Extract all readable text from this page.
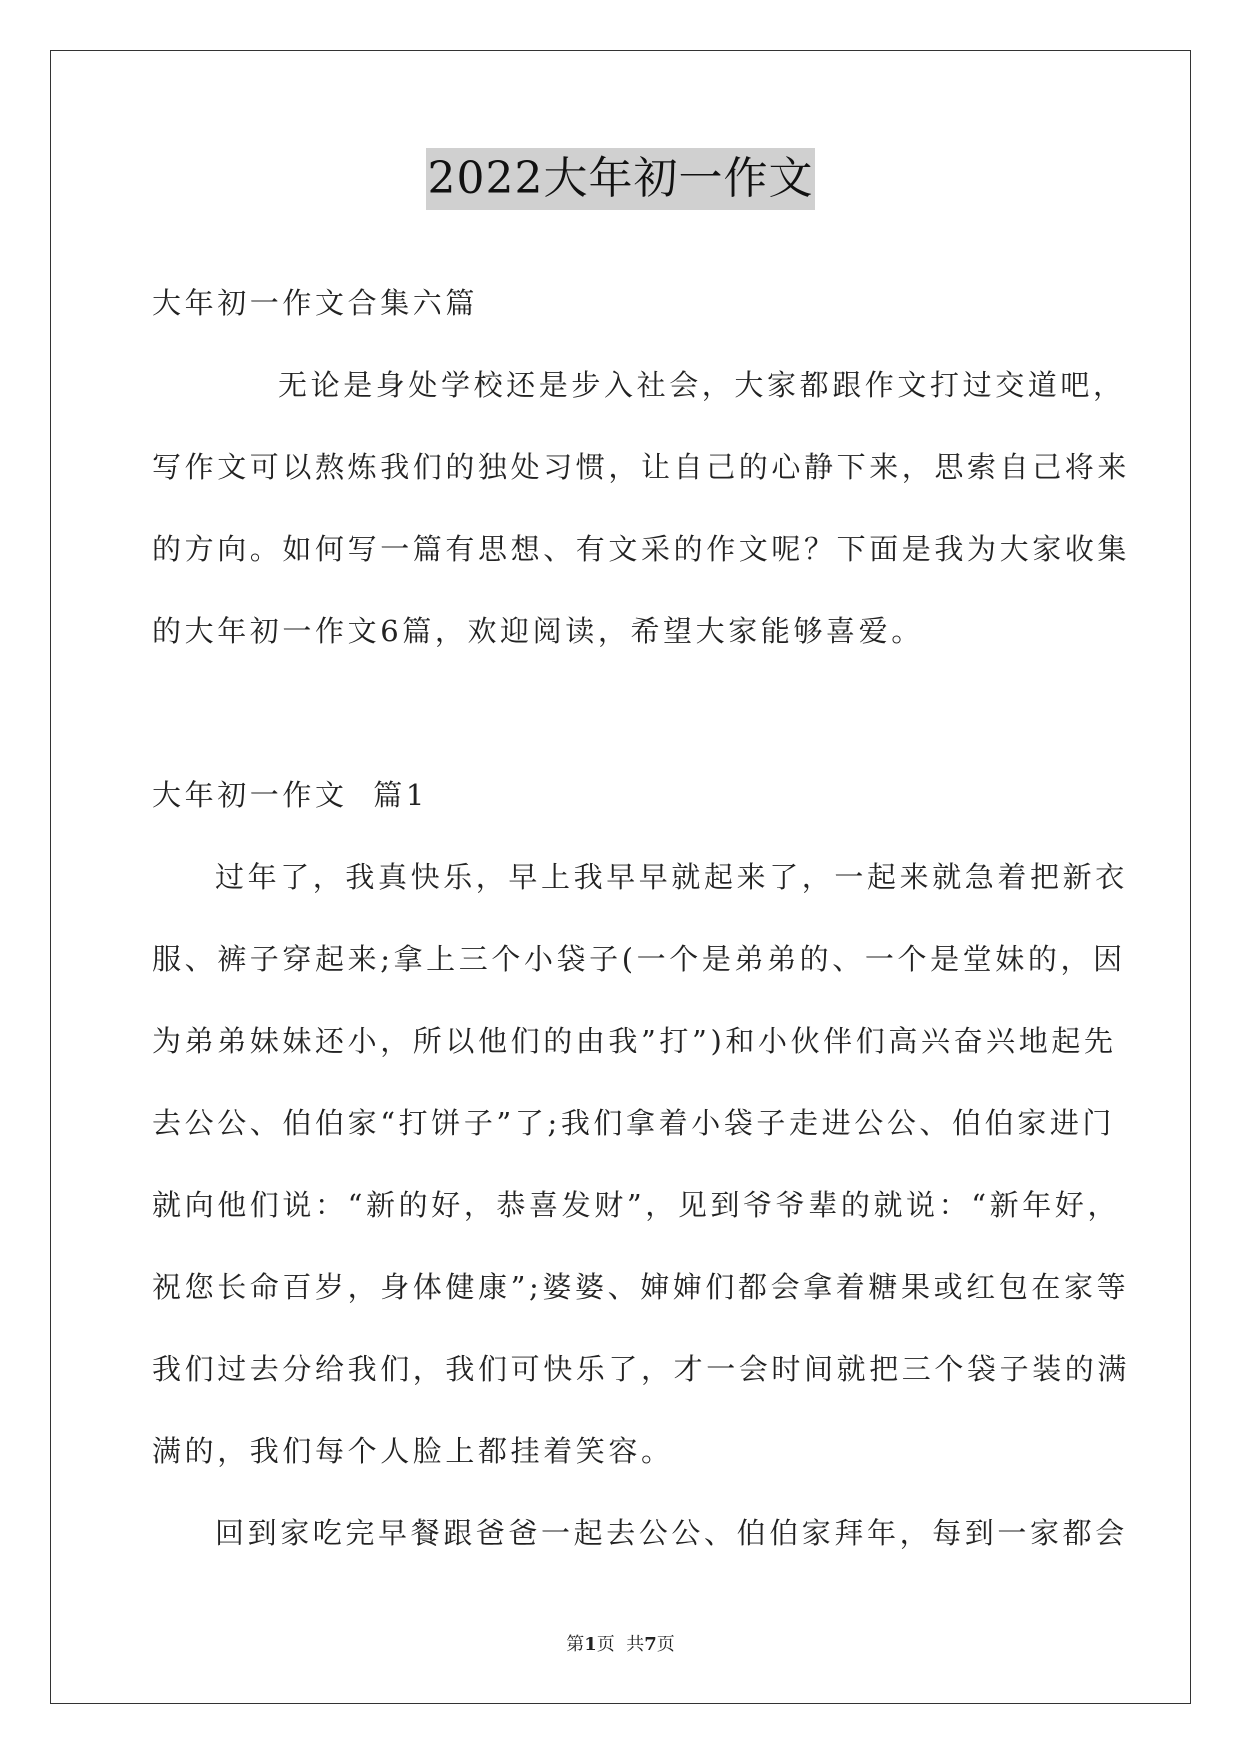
2022大年初一作文
大年初一作文合集六篇
无论是身处学校还是步入社会，大家都跟作文打过交道吧，
写作文可以熬炼我们的独处习惯，让自己的心静下来，思索自己将来
的方向。如何写一篇有思想、有文采的作文呢？下面是我为大家收集
的大年初一作文6篇，欢迎阅读，希望大家能够喜爱。
大年初一作文  篇1
过年了，我真快乐，早上我早早就起来了，一起来就急着把新衣
服、裤子穿起来;拿上三个小袋子(一个是弟弟的、一个是堂妹的，因
为弟弟妹妹还小，所以他们的由我”打”)和小伙伴们高兴奋兴地起先
去公公、伯伯家“打饼子”了;我们拿着小袋子走进公公、伯伯家进门
就向他们说：“新的好，恭喜发财”，见到爷爷辈的就说：“新年好，
祝您长命百岁，身体健康”;婆婆、婶婶们都会拿着糖果或红包在家等
我们过去分给我们，我们可快乐了，才一会时间就把三个袋子装的满
满的，我们每个人脸上都挂着笑容。
回到家吃完早餐跟爸爸一起去公公、伯伯家拜年，每到一家都会
第1页  共7页
